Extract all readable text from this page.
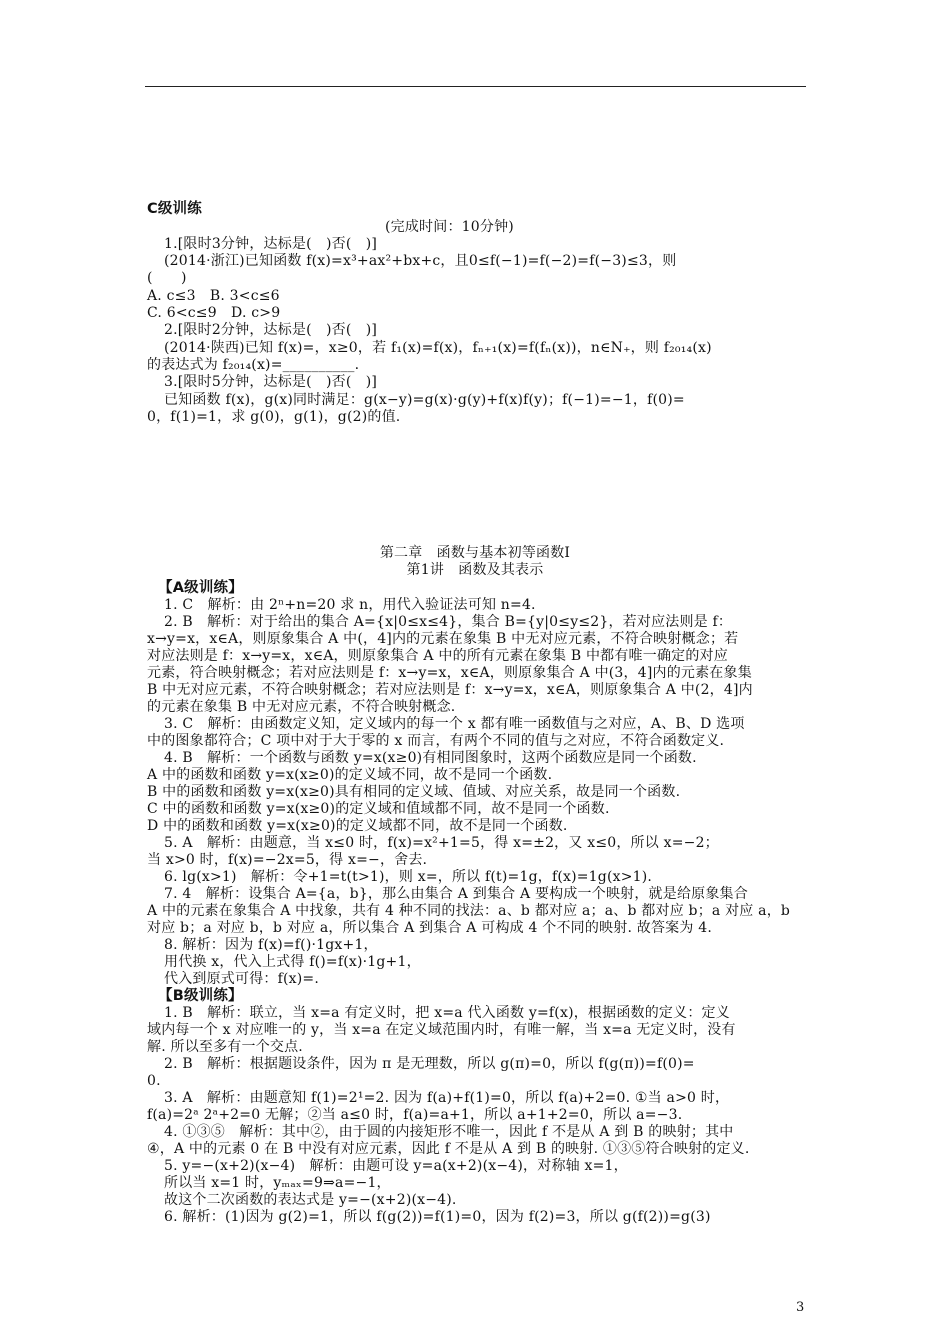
C级训练
(完成时间：10分钟)
1.[限时3分钟，达标是(　)否(　)]
(2014·浙江)已知函数 f(x)=x³+ax²+bx+c，且0≤f(−1)=f(−2)=f(−3)≤3，则
(　　)
A. c≤3　B. 3<c≤6
C. 6<c≤9　D. c>9
2.[限时2分钟，达标是(　)否(　)]
(2014·陕西)已知 f(x)=，x≥0，若 f₁(x)=f(x)，fₙ₊₁(x)=f(fₙ(x))，n∈N₊，则 f₂₀₁₄(x)
的表达式为 f₂₀₁₄(x)=__________.
3.[限时5分钟，达标是(　)否(　)]
已知函数 f(x)，g(x)同时满足：g(x−y)=g(x)·g(y)+f(x)f(y)；f(−1)=−1，f(0)=
0，f(1)=1，求 g(0)，g(1)，g(2)的值.
第二章　函数与基本初等函数Ⅰ
第1讲　函数及其表示
【A级训练】
1. C　解析：由 2ⁿ+n=20 求 n，用代入验证法可知 n=4.
2. B　解析：对于给出的集合 A={x|0≤x≤4}，集合 B={y|0≤y≤2}，若对应法则是 f：
x→y=x，x∈A，则原象集合 A 中(，4]内的元素在象集 B 中无对应元素，不符合映射概念；若
对应法则是 f：x→y=x，x∈A，则原象集合 A 中的所有元素在象集 B 中都有唯一确定的对应
元素，符合映射概念；若对应法则是 f：x→y=x，x∈A，则原象集合 A 中(3，4]内的元素在象集
B 中无对应元素，不符合映射概念；若对应法则是 f：x→y=x，x∈A，则原象集合 A 中(2，4]内
的元素在象集 B 中无对应元素，不符合映射概念.
3. C　解析：由函数定义知，定义域内的每一个 x 都有唯一函数值与之对应，A、B、D 选项
中的图象都符合；C 项中对于大于零的 x 而言，有两个不同的值与之对应，不符合函数定义.
4. B　解析：一个函数与函数 y=x(x≥0)有相同图象时，这两个函数应是同一个函数.
A 中的函数和函数 y=x(x≥0)的定义域不同，故不是同一个函数.
B 中的函数和函数 y=x(x≥0)具有相同的定义域、值域、对应关系，故是同一个函数.
C 中的函数和函数 y=x(x≥0)的定义域和值域都不同，故不是同一个函数.
D 中的函数和函数 y=x(x≥0)的定义域都不同，故不是同一个函数.
5. A　解析：由题意，当 x≤0 时，f(x)=x²+1=5，得 x=±2，又 x≤0，所以 x=−2；
当 x>0 时，f(x)=−2x=5，得 x=−，舍去.
6. lg(x>1)　解析：令+1=t(t>1)，则 x=，所以 f(t)=1g，f(x)=1g(x>1).
7. 4　解析：设集合 A={a，b}，那么由集合 A 到集合 A 要构成一个映射，就是给原象集合
A 中的元素在象集合 A 中找象，共有 4 种不同的找法：a、b 都对应 a；a、b 都对应 b；a 对应 a，b
对应 b；a 对应 b，b 对应 a，所以集合 A 到集合 A 可构成 4 个不同的映射. 故答案为 4.
8. 解析：因为 f(x)=f()·1gx+1，
用代换 x，代入上式得 f()=f(x)·1g+1，
代入到原式可得：f(x)=.
【B级训练】
1. B　解析：联立，当 x=a 有定义时，把 x=a 代入函数 y=f(x)，根据函数的定义：定义
域内每一个 x 对应唯一的 y，当 x=a 在定义域范围内时，有唯一解，当 x=a 无定义时，没有
解. 所以至多有一个交点.
2. B　解析：根据题设条件，因为 π 是无理数，所以 g(π)=0，所以 f(g(π))=f(0)=
0.
3. A　解析：由题意知 f(1)=2¹=2. 因为 f(a)+f(1)=0，所以 f(a)+2=0. ①当 a>0 时，
f(a)=2ᵃ 2ᵃ+2=0 无解；②当 a≤0 时，f(a)=a+1，所以 a+1+2=0，所以 a=−3.
4. ①③⑤　解析：其中②，由于圆的内接矩形不唯一，因此 f 不是从 A 到 B 的映射；其中
④，A 中的元素 0 在 B 中没有对应元素，因此 f 不是从 A 到 B 的映射. ①③⑤符合映射的定义.
5. y=−(x+2)(x−4)　解析：由题可设 y=a(x+2)(x−4)，对称轴 x=1，
所以当 x=1 时，yₘₐₓ=9⇒a=−1，
故这个二次函数的表达式是 y=−(x+2)(x−4).
6. 解析：(1)因为 g(2)=1，所以 f(g(2))=f(1)=0，因为 f(2)=3，所以 g(f(2))=g(3)
3
